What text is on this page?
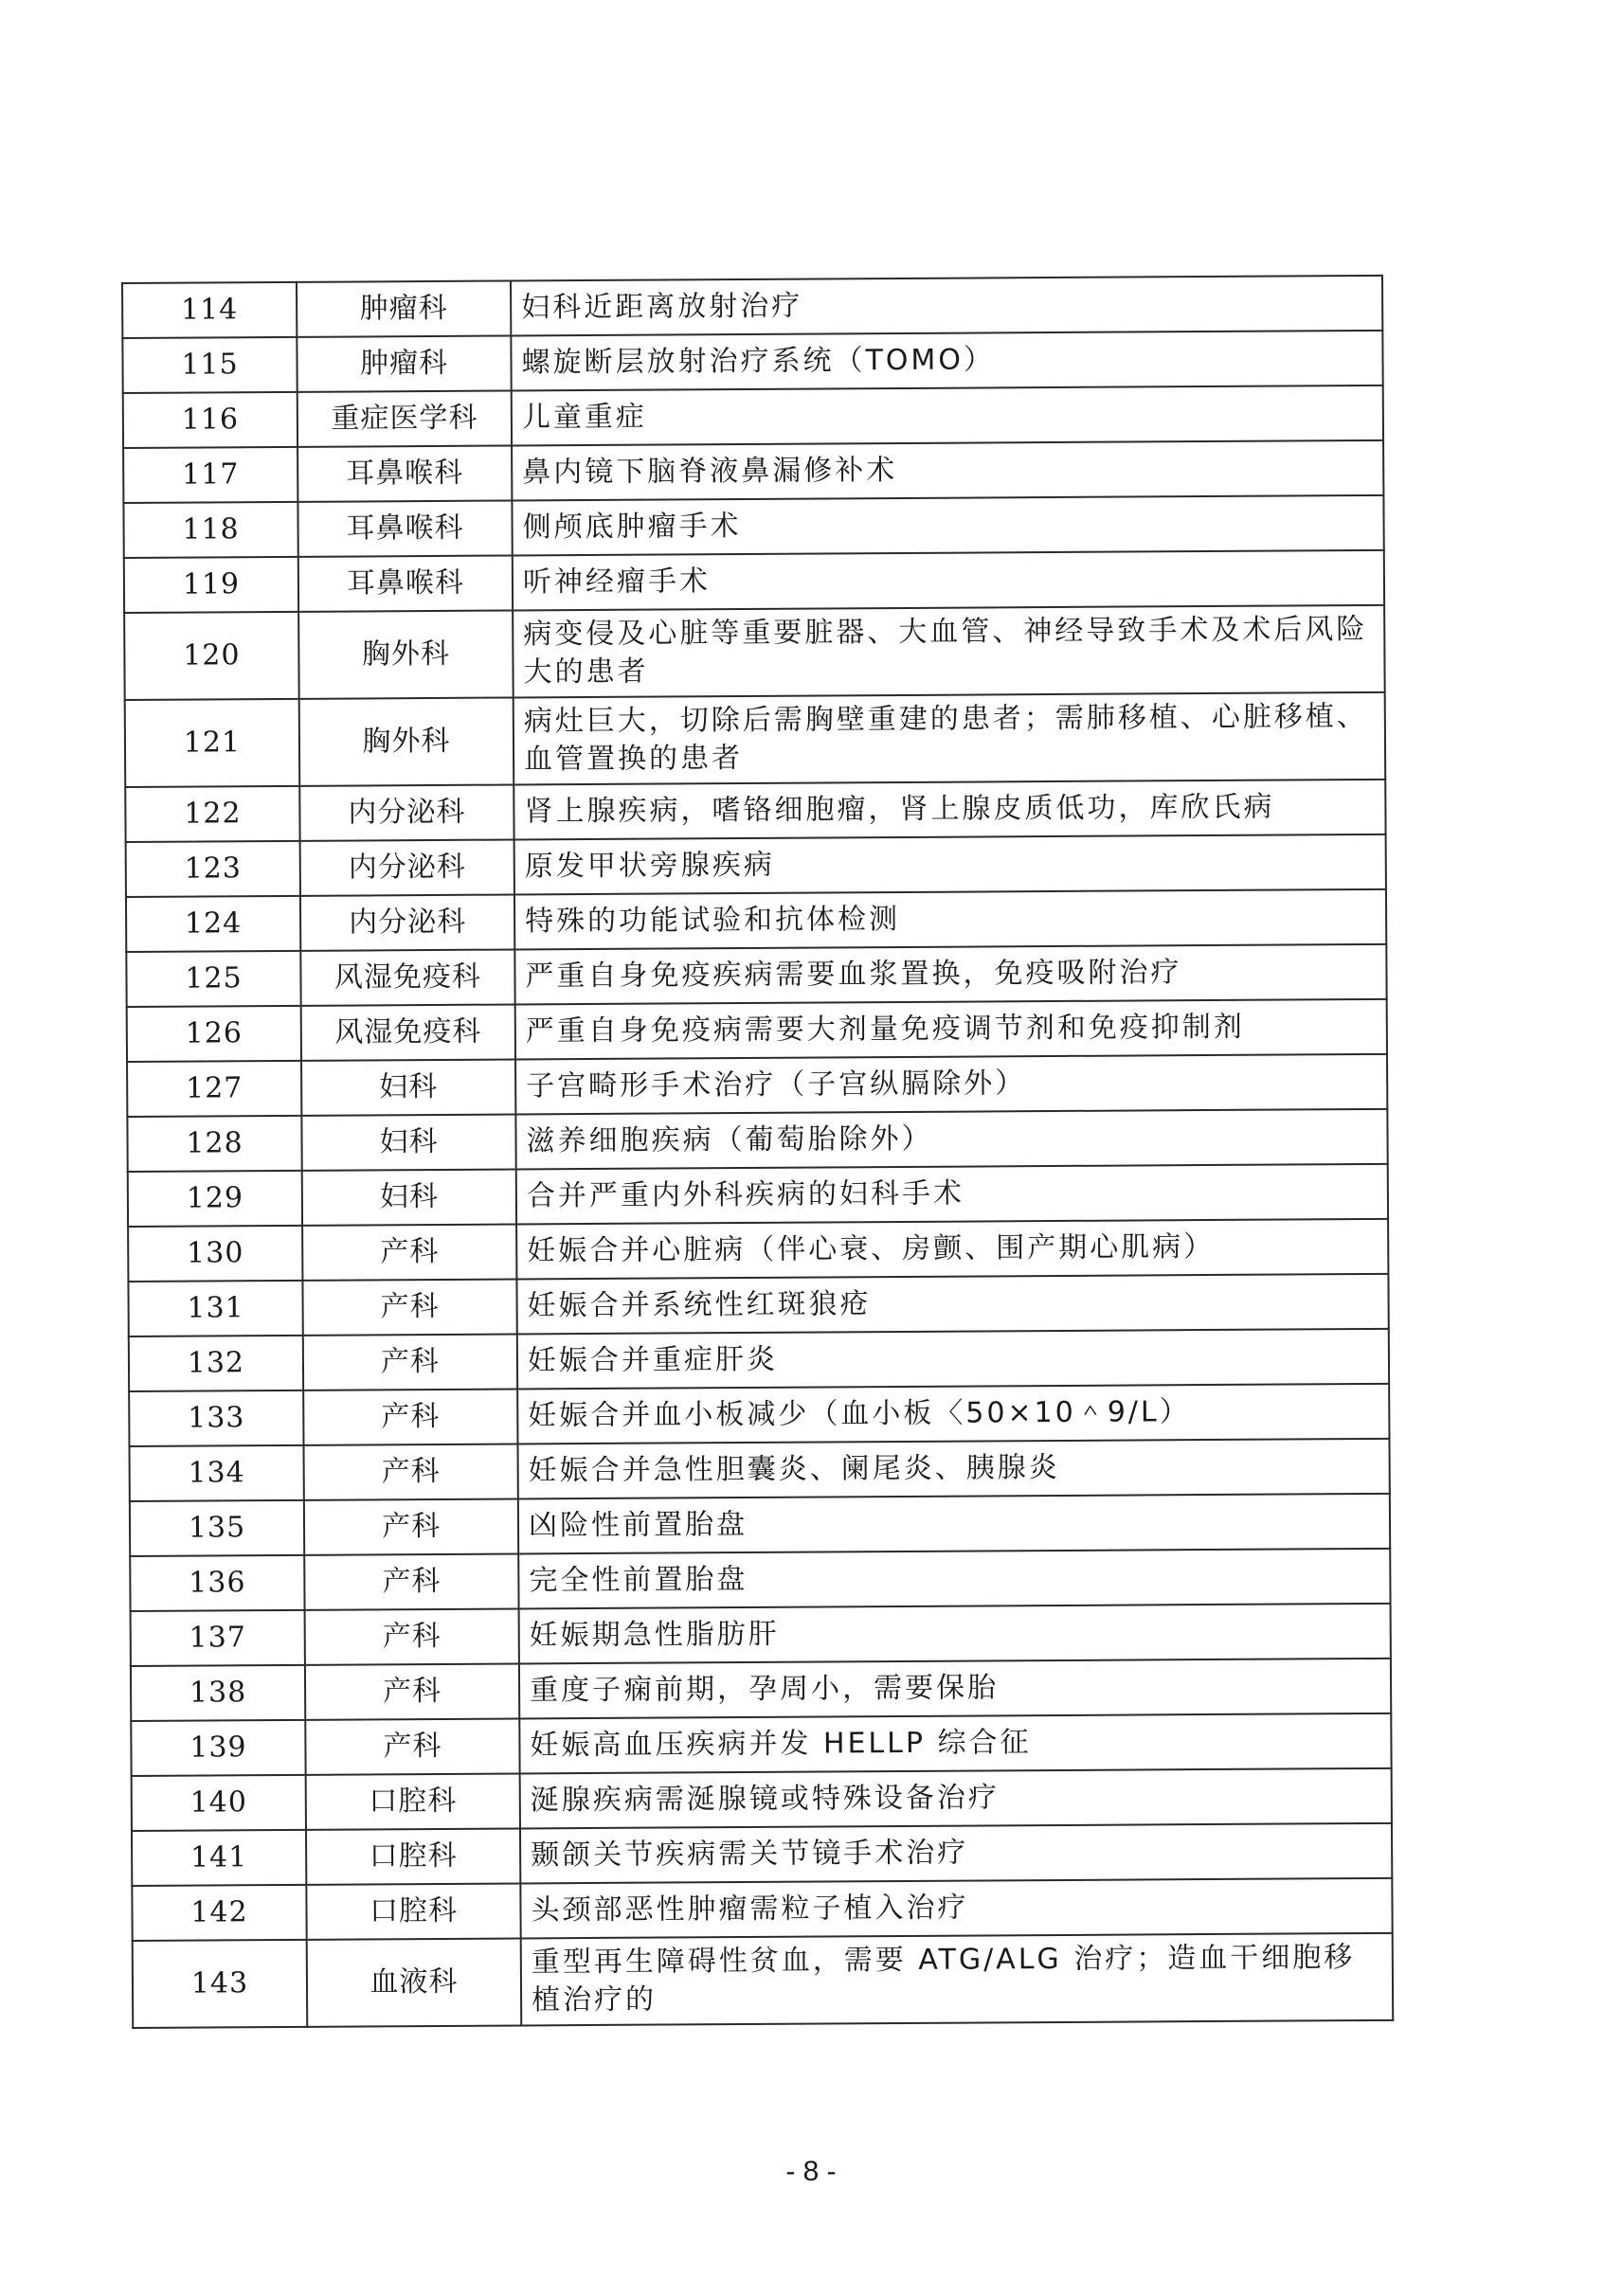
114	肿瘤科	妇科近距离放射治疗
115	肿瘤科	螺旋断层放射治疗系统（TOMO）
116	重症医学科	儿童重症
117	耳鼻喉科	鼻内镜下脑脊液鼻漏修补术
118	耳鼻喉科	侧颅底肿瘤手术
119	耳鼻喉科	听神经瘤手术
120	胸外科	病变侵及心脏等重要脏器、大血管、神经导致手术及术后风险大的患者
121	胸外科	病灶巨大，切除后需胸壁重建的患者；需肺移植、心脏移植、血管置换的患者
122	内分泌科	肾上腺疾病，嗜铬细胞瘤，肾上腺皮质低功，库欣氏病
123	内分泌科	原发甲状旁腺疾病
124	内分泌科	特殊的功能试验和抗体检测
125	风湿免疫科	严重自身免疫疾病需要血浆置换，免疫吸附治疗
126	风湿免疫科	严重自身免疫病需要大剂量免疫调节剂和免疫抑制剂
127	妇科	子宫畸形手术治疗（子宫纵膈除外）
128	妇科	滋养细胞疾病（葡萄胎除外）
129	妇科	合并严重内外科疾病的妇科手术
130	产科	妊娠合并心脏病（伴心衰、房颤、围产期心肌病）
131	产科	妊娠合并系统性红斑狼疮
132	产科	妊娠合并重症肝炎
133	产科	妊娠合并血小板减少（血小板〈50×10＾9/L）
134	产科	妊娠合并急性胆囊炎、阑尾炎、胰腺炎
135	产科	凶险性前置胎盘
136	产科	完全性前置胎盘
137	产科	妊娠期急性脂肪肝
138	产科	重度子痫前期，孕周小，需要保胎
139	产科	妊娠高血压疾病并发 HELLP 综合征
140	口腔科	涎腺疾病需涎腺镜或特殊设备治疗
141	口腔科	颞颌关节疾病需关节镜手术治疗
142	口腔科	头颈部恶性肿瘤需粒子植入治疗
143	血液科	重型再生障碍性贫血，需要 ATG/ALG 治疗；造血干细胞移植治疗的
- 8 -
